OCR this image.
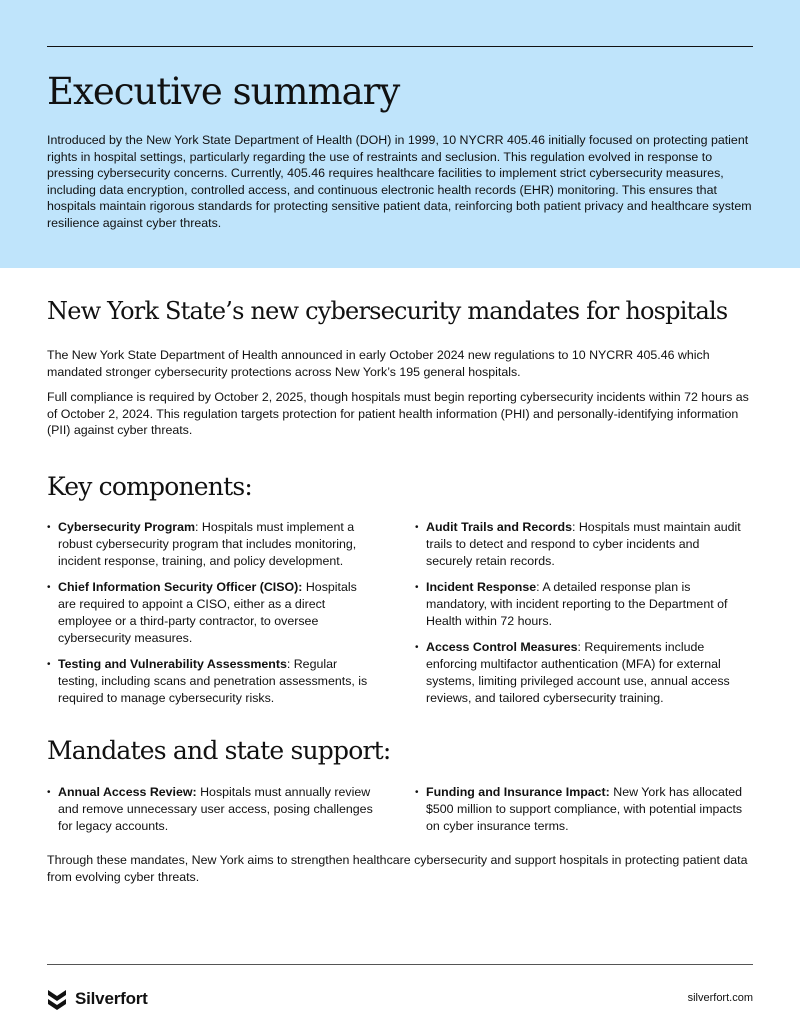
Executive summary

Introduced by the New York State Department of Health (DOH) in 1999, 10 NYCRR 405.46 initially focused on protecting patient rights in hospital settings, particularly regarding the use of restraints and seclusion. This regulation evolved in response to pressing cybersecurity concerns. Currently, 405.46 requires healthcare facilities to implement strict cybersecurity measures, including data encryption, controlled access, and continuous electronic health records (EHR) monitoring. This ensures that hospitals maintain rigorous standards for protecting sensitive patient data, reinforcing both patient privacy and healthcare system resilience against cyber threats.

New York State’s new cybersecurity mandates for hospitals

The New York State Department of Health announced in early October 2024 new regulations to 10 NYCRR 405.46 which mandated stronger cybersecurity protections across New York’s 195 general hospitals.

Full compliance is required by October 2, 2025, though hospitals must begin reporting cybersecurity incidents within 72 hours as of October 2, 2024. This regulation targets protection for patient health information (PHI) and personally-identifying information (PII) against cyber threats.

Key components:
• Cybersecurity Program: Hospitals must implement a robust cybersecurity program that includes monitoring, incident response, training, and policy development.
• Chief Information Security Officer (CISO): Hospitals are required to appoint a CISO, either as a direct employee or a third-party contractor, to oversee cybersecurity measures.
• Testing and Vulnerability Assessments: Regular testing, including scans and penetration assessments, is required to manage cybersecurity risks.
• Audit Trails and Records: Hospitals must maintain audit trails to detect and respond to cyber incidents and securely retain records.
• Incident Response: A detailed response plan is mandatory, with incident reporting to the Department of Health within 72 hours.
• Access Control Measures: Requirements include enforcing multifactor authentication (MFA) for external systems, limiting privileged account use, annual access reviews, and tailored cybersecurity training.
Mandates and state support:
• Annual Access Review: Hospitals must annually review and remove unnecessary user access, posing challenges for legacy accounts.
• Funding and Insurance Impact: New York has allocated $500 million to support compliance, with potential impacts on cyber insurance terms.

Through these mandates, New York aims to strengthen healthcare cybersecurity and support hospitals in protecting patient data from evolving cyber threats.

Silverfort	silverfort.com
